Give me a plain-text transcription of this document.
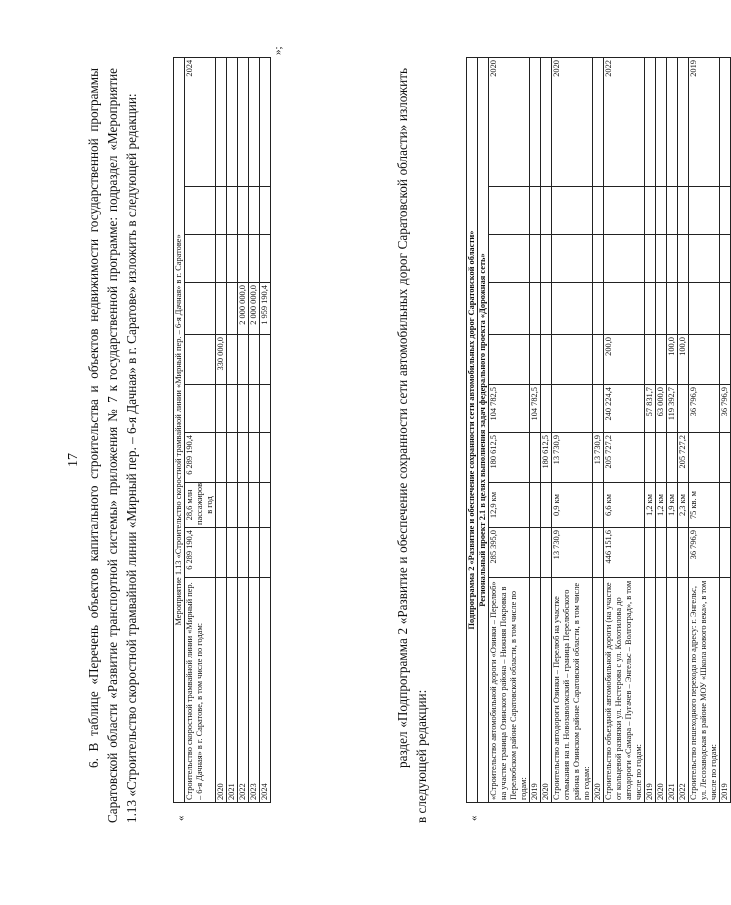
17 6. В таблице «Перечень объектов капитального строительства и объектов недвижимости государственной программы Саратовской области «Развитие транспортной системы» приложения № 7 к государственной программе: подраздел «Мероприятие 1.13 «Строительство скоростной трамвайной линии «Мирный пер. – 6-я Дачная» в г. Саратове» изложить в следующей редакции:	«
Мероприятие 1.13 «Строительство скоростной трамвайной линии «Мирный пер. – 6-я Дачная» в г. Саратове»									
Строительство скоростной трамвайной линии «Мирный пер. – 6-я Дачная» в г. Саратове, в том числе по годам:	6 289 190,4	28,6 млн пассажиров в год	6 289 190,4						2024
2020					330 000,0				
2021									
2022						2 000 000,0			
2023						2 000 000,0			
2024						1 959 190,4			
»;
раздел «Подпрограмма 2 «Развитие и обеспечение сохранности сети автомобильных дорог Саратовской области» изложить в следующей редакции:	«
Подпрограмма 2 «Развитие и обеспечение сохранности сети автомобильных дорог Саратовской области»									
Региональный проект 2.1 в целях выполнения задач федерального проекта «Дорожная сеть»									
«Строительство автомобильной дороги «Озинки – Перелюб» на участке граница Озинского района – Нижняя Покровка в Перелюбском районе Саратовской области, в том числе по годам:	285 395,0	12,9 км	180 612,5	104 782,5					2020
2019				104 782,5					
2020			180 612,5						
Строительство автодороги Озинки – Перелюб на участке отмыкания на п. Новозаволжский – граница Перелюбского района в Озинском районе Саратовской области, в том числе по годам:	13 730,9	0,9 км	13 730,9						2020
2020			13 730,9						
Строительство объездной автомобильной дороги (на участке от кольцевой развязки ул. Нестерова с ул. Колотилова до автодороги «Самара – Пугачев – Энгельс – Волгоград», в том числе по годам:	446 151,6	6,6 км	205 727,2	240 224,4	200,0				2022
2019		1,2 км		57 831,7					
2020		1,2 км		63 000,0					
2021		1,9 км		119 392,7	100,0				
2022		2,3 км	205 727,2		100,0				
Строительство пешеходного перехода по адресу: г. Энгельс, ул. Лесозаводская в районе МОУ «Школа нового века», в том числе по годам:	36 796,9	75 кв. м		36 796,9					2019
2019				36 796,9					
